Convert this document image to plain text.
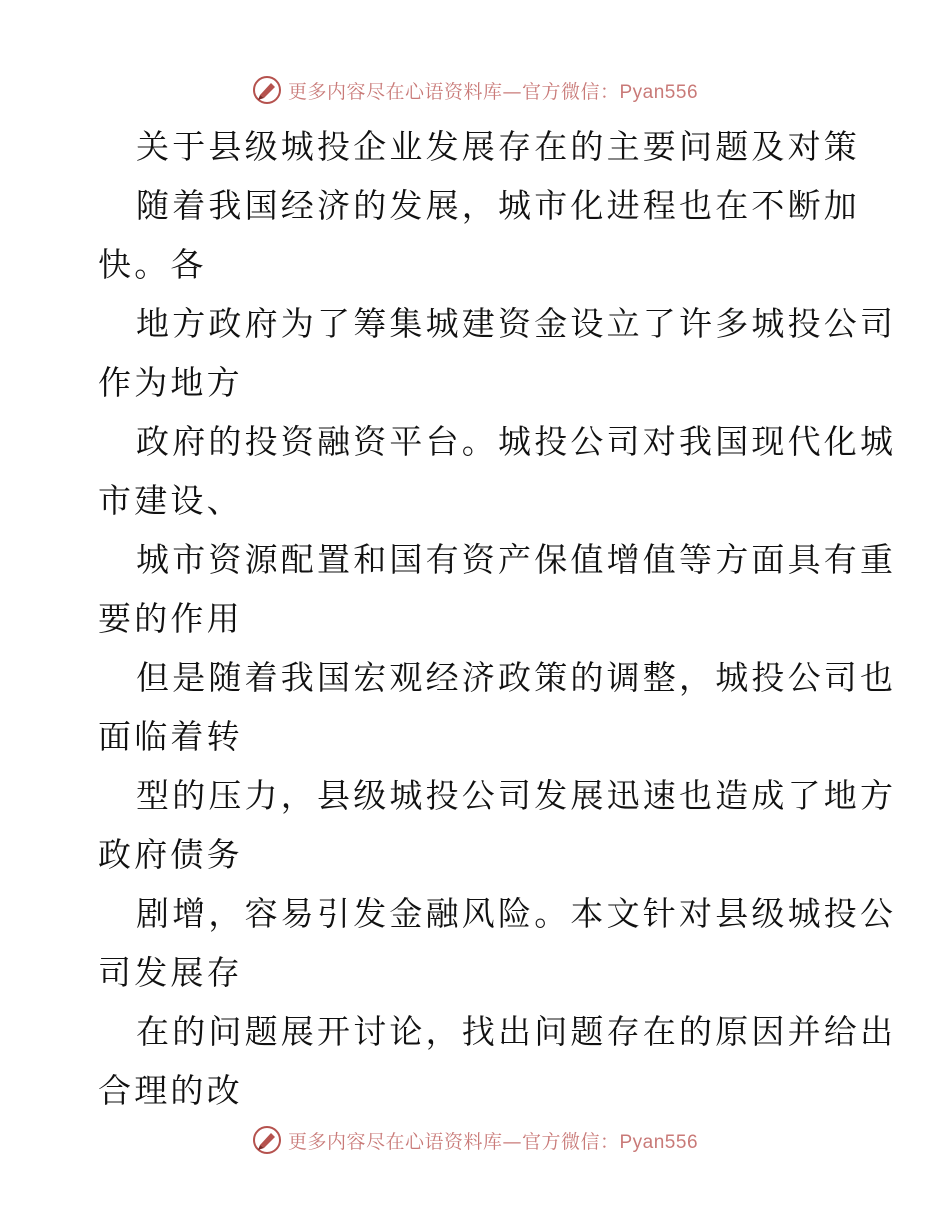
更多内容尽在心语资料库—官方微信：Pyan556
关于县级城投企业发展存在的主要问题及对策
随着我国经济的发展，城市化进程也在不断加
快。各
地方政府为了筹集城建资金设立了许多城投公司
作为地方
政府的投资融资平台。城投公司对我国现代化城
市建设、
城市资源配置和国有资产保值增值等方面具有重
要的作用
但是随着我国宏观经济政策的调整，城投公司也
面临着转
型的压力，县级城投公司发展迅速也造成了地方
政府债务
剧增，容易引发金融风险。本文针对县级城投公
司发展存
在的问题展开讨论，找出问题存在的原因并给出
合理的改
更多内容尽在心语资料库—官方微信：Pyan556
